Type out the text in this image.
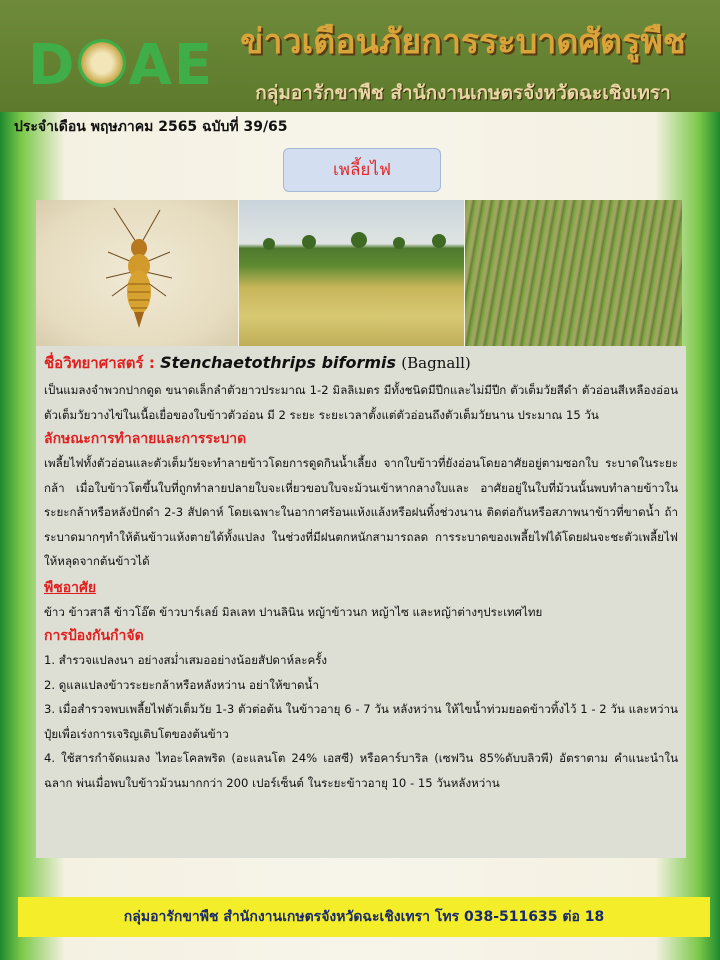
D AE ข่าวเตือนภัยการระบาดศัตรูพืช
กลุ่มอารักขาพืช สำนักงานเกษตรจังหวัดฉะเชิงเทรา
ประจำเดือน พฤษภาคม 2565 ฉบับที่ 39/65
เพลี้ยไฟ
ชื่อวิทยาศาสตร์ : Stenchaetothrips biformis (Bagnall)

เป็นแมลงจำพวกปากดูด ขนาดเล็กลำตัวยาวประมาณ 1-2 มิลลิเมตร มีทั้งชนิดมีปีกและไม่มีปีก ตัวเต็มวัยสีดำ ตัวอ่อนสีเหลืองอ่อน ตัวเต็มวัยวางไข่ในเนื้อเยื่อของใบข้าวตัวอ่อน มี 2 ระยะ ระยะเวลาตั้งแต่ตัวอ่อนถึงตัวเต็มวัยนาน ประมาณ 15 วัน

ลักษณะการทำลายและการระบาด

เพลี้ยไฟทั้งตัวอ่อนและตัวเต็มวัยจะทำลายข้าวโดยการดูดกินน้ำเลี้ยง จากใบข้าวที่ยังอ่อนโดยอาศัยอยู่ตามซอกใบ ระบาดในระยะกล้า เมื่อใบข้าวโตขึ้นใบที่ถูกทำลายปลายใบจะเหี่ยวขอบใบจะม้วนเข้าหากลางใบและ อาศัยอยู่ในใบที่ม้วนนั้นพบทำลายข้าวในระยะกล้าหรือหลังปักดำ 2-3 สัปดาห์ โดยเฉพาะในอากาศร้อนแห้งแล้งหรือฝนทิ้งช่วงนาน ติดต่อกันหรือสภาพนาข้าวที่ขาดน้ำ ถ้าระบาดมากๆทำให้ต้นข้าวแห้งตายได้ทั้งแปลง ในช่วงที่มีฝนตกหนักสามารถลด การระบาดของเพลี้ยไฟได้โดยฝนจะชะตัวเพลี้ยไฟให้หลุดจากต้นข้าวได้

พืชอาศัย

ข้าว ข้าวสาลี ข้าวโอ๊ต ข้าวบาร์เลย์ มิลเลท ปานลินิน หญ้าข้าวนก หญ้าไซ และหญ้าต่างๆประเทศไทย

การป้องกันกำจัด

1. สำรวจแปลงนา อย่างสม่ำเสมออย่างน้อยสัปดาห์ละครั้ง

2. ดูแลแปลงข้าวระยะกล้าหรือหลังหว่าน อย่าให้ขาดน้ำ

3. เมื่อสำรวจพบเพลี้ยไฟตัวเต็มวัย 1-3 ตัวต่อต้น ในข้าวอายุ 6 - 7 วัน หลังหว่าน ให้ไขน้ำท่วมยอดข้าวทิ้งไว้ 1 - 2 วัน และหว่านปุ๋ยเพื่อเร่งการเจริญเติบโตของต้นข้าว

4. ใช้สารกำจัดแมลง ไทอะโคลพริด (อะแลนโต 24% เอสซี) หรือคาร์บาริล (เซฟวิน 85%ดับบลิวพี) อัตราตาม คำแนะนำในฉลาก พ่นเมื่อพบใบข้าวม้วนมากกว่า 200 เปอร์เซ็นต์ ในระยะข้าวอายุ 10 - 15 วันหลังหว่าน

กลุ่มอารักขาพืช สำนักงานเกษตรจังหวัดฉะเชิงเทรา โทร 038-511635 ต่อ 18
